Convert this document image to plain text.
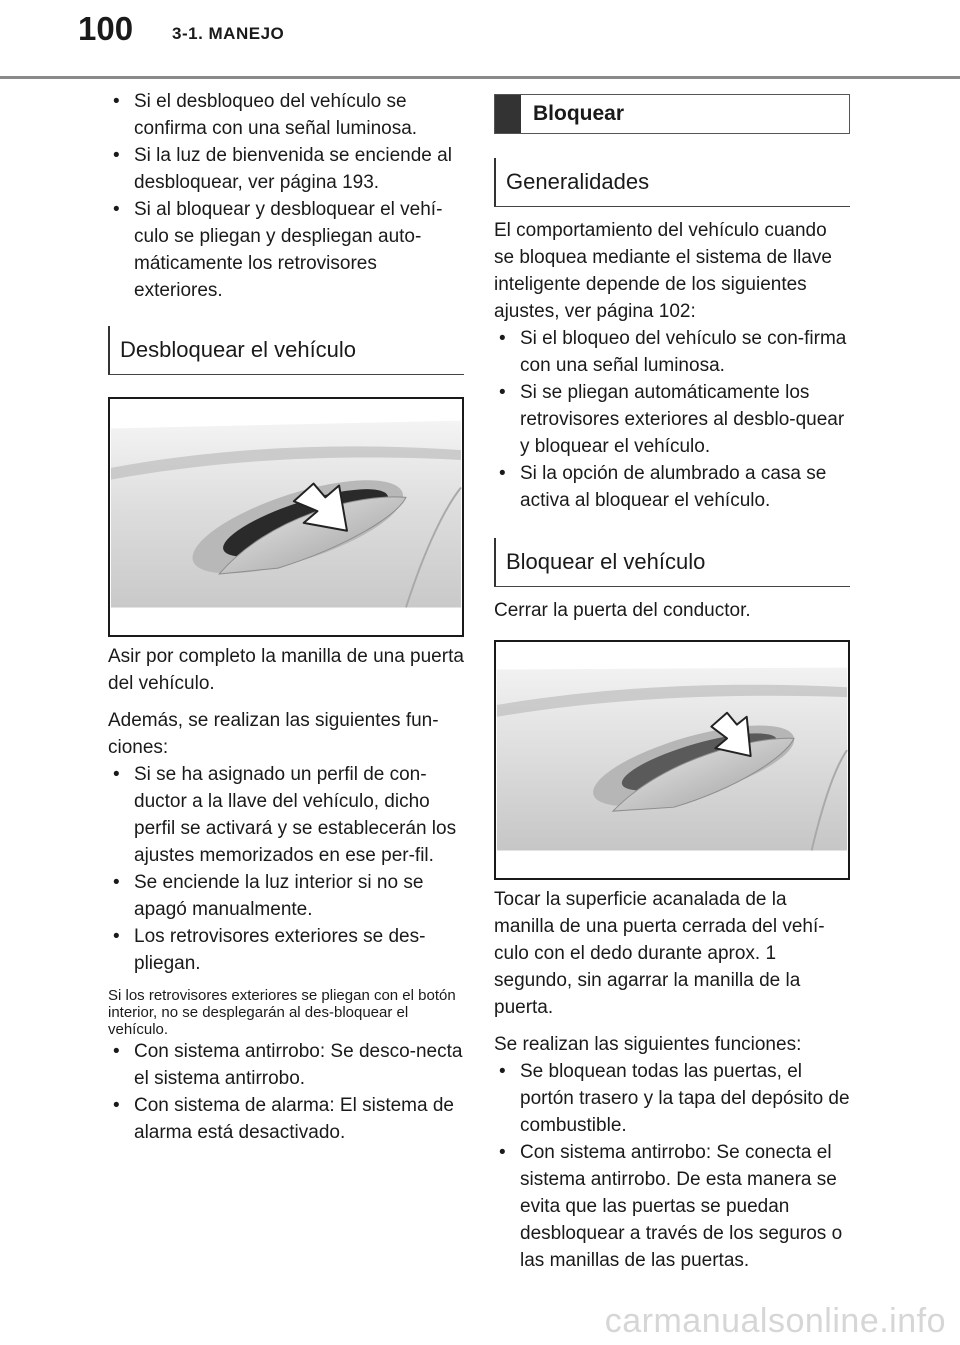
100 3-1. MANEJO
• Si el desbloqueo del vehículo se confirma con una señal luminosa.
• Si la luz de bienvenida se enciende al desbloquear, ver página 193.
• Si al bloquear y desbloquear el vehí-culo se pliegan y despliegan auto-máticamente los retrovisores exteriores.
Desbloquear el vehículo

Asir por completo la manilla de una puerta del vehículo.

Además, se realizan las siguientes fun-ciones:

• Si se ha asignado un perfil de con-ductor a la llave del vehículo, dicho perfil se activará y se establecerán los ajustes memorizados en ese per-fil.
• Se enciende la luz interior si no se apagó manualmente.
• Los retrovisores exteriores se des-pliegan.

Si los retrovisores exteriores se pliegan con el botón interior, no se desplegarán al des-bloquear el vehículo.

• Con sistema antirrobo: Se desco-necta el sistema antirrobo.
• Con sistema de alarma: El sistema de alarma está desactivado.
Bloquear
Generalidades

El comportamiento del vehículo cuando se bloquea mediante el sistema de llave inteligente depende de los siguientes ajustes, ver página 102:

• Si el bloqueo del vehículo se con-firma con una señal luminosa.
• Si se pliegan automáticamente los retrovisores exteriores al desblo-quear y bloquear el vehículo.
• Si la opción de alumbrado a casa se activa al bloquear el vehículo.
Bloquear el vehículo

Cerrar la puerta del conductor.

Tocar la superficie acanalada de la manilla de una puerta cerrada del vehí-culo con el dedo durante aprox. 1 segundo, sin agarrar la manilla de la puerta.

Se realizan las siguientes funciones:

• Se bloquean todas las puertas, el portón trasero y la tapa del depósito de combustible.
• Con sistema antirrobo: Se conecta el sistema antirrobo. De esta manera se evita que las puertas se puedan desbloquear a través de los seguros o las manillas de las puertas.
carmanualsonline.info
